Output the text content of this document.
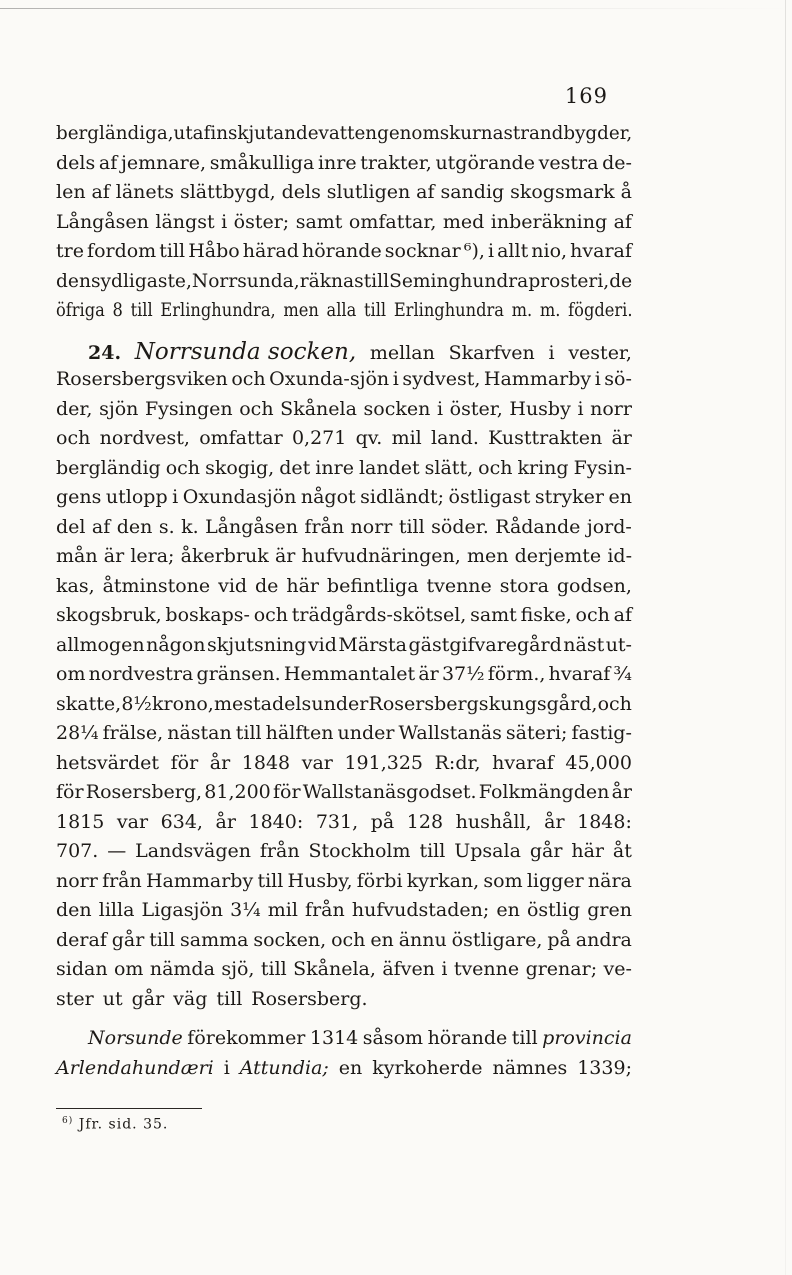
169
bergländiga, utaf inskjutande vatten genomskurna strandbygder,
dels af jemnare, småkulliga inre trakter, utgörande vestra de-
len af länets slättbygd, dels slutligen af sandig skogsmark å
Långåsen längst i öster; samt omfattar, med inberäkning af
tre fordom till Håbo härad hörande socknar ⁶), i allt nio, hvaraf
den sydligaste, Norrsunda, räknas till Seminghundra prosteri, de
öfriga 8 till Erlinghundra, men alla till Erlinghundra m. m. fögderi.
24. Norrsunda socken, mellan Skarfven i vester,
Rosersbergsviken och Oxunda-sjön i sydvest, Hammarby i sö-
der, sjön Fysingen och Skånela socken i öster, Husby i norr
och nordvest, omfattar 0,271 qv. mil land. Kusttrakten är
bergländig och skogig, det inre landet slätt, och kring Fysin-
gens utlopp i Oxundasjön något sidländt; östligast stryker en
del af den s. k. Långåsen från norr till söder. Rådande jord-
mån är lera; åkerbruk är hufvudnäringen, men derjemte id-
kas, åtminstone vid de här befintliga tvenne stora godsen,
skogsbruk, boskaps- och trädgårds-skötsel, samt fiske, och af
allmogen någon skjutsning vid Märsta gästgifvaregård näst ut-
om nordvestra gränsen. Hemmantalet är 37½ förm., hvaraf ¾
skatte, 8½ krono, mestadels under Rosersbergs kungsgård, och
28¼ frälse, nästan till hälften under Wallstanäs säteri; fastig-
hetsvärdet för år 1848 var 191,325 R:dr, hvaraf 45,000
för Rosersberg, 81,200 för Wallstanäsgodset. Folkmängden år
1815 var 634, år 1840: 731, på 128 hushåll, år 1848:
707. — Landsvägen från Stockholm till Upsala går här åt
norr från Hammarby till Husby, förbi kyrkan, som ligger nära
den lilla Ligasjön 3¼ mil från hufvudstaden; en östlig gren
deraf går till samma socken, och en ännu östligare, på andra
sidan om nämda sjö, till Skånela, äfven i tvenne grenar; ve-
ster ut går väg till Rosersberg.
Norsunde förekommer 1314 såsom hörande till provincia
Arlendahundæri i Attundia; en kyrkoherde nämnes 1339;
$^{6)}$ Jfr. sid. 35.
